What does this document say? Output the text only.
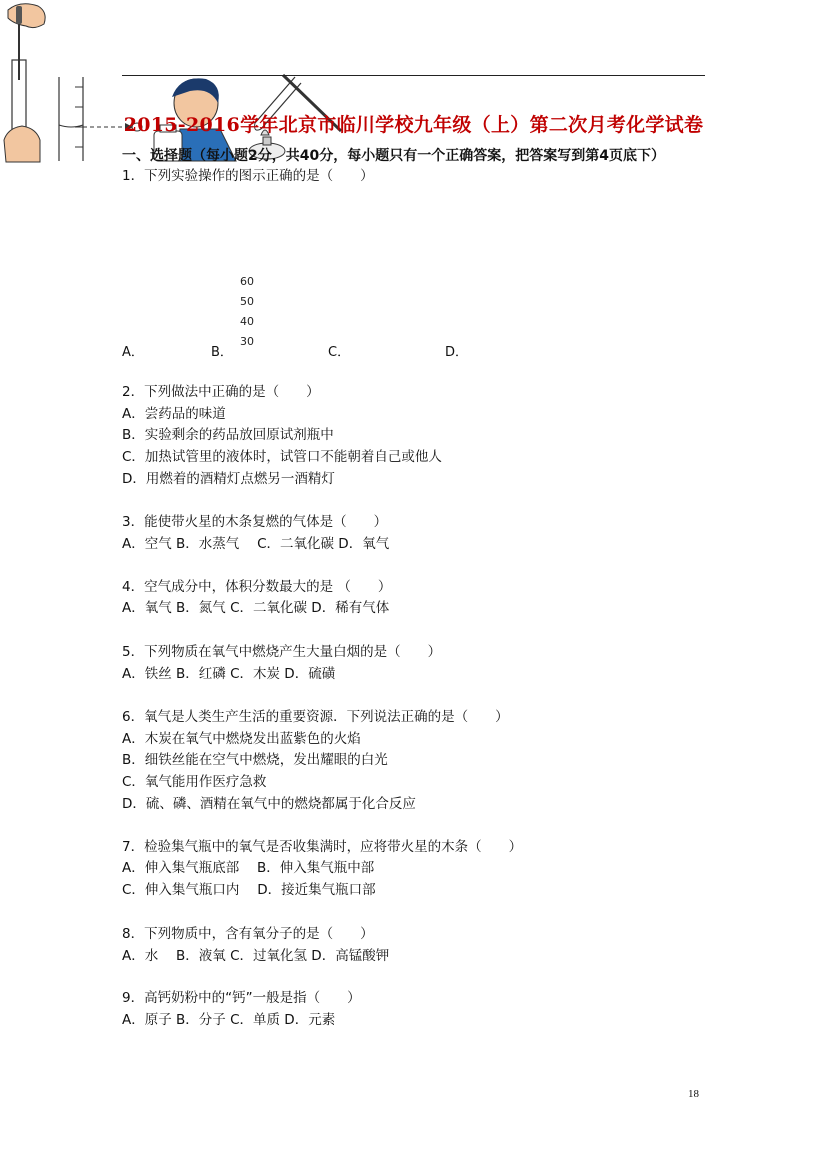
2015-2016学年北京市临川学校九年级（上）第二次月考化学试卷
一、选择题（每小题2分，共40分，每小题只有一个正确答案，把答案写到第4页底下）
1．下列实验操作的图示正确的是（　　）

A．

60
50
40
30
B．
	C．	D．
2．下列做法中正确的是（　　）
A．尝药品的味道
B．实验剩余的药品放回原试剂瓶中
C．加热试管里的液体时，试管口不能朝着自己或他人
D．用燃着的酒精灯点燃另一酒精灯
3．能使带火星的木条复燃的气体是（　　）
A．空气 B．水蒸气　 C．二氧化碳 D．氧气
4．空气成分中，体积分数最大的是 （　　）
A．氧气 B．氮气 C．二氧化碳 D．稀有气体
5．下列物质在氧气中燃烧产生大量白烟的是（　　）
A．铁丝 B．红磷 C．木炭 D．硫磺
6．氧气是人类生产生活的重要资源．下列说法正确的是（　　）
A．木炭在氧气中燃烧发出蓝紫色的火焰
B．细铁丝能在空气中燃烧，发出耀眼的白光
C．氧气能用作医疗急救
D．硫、磷、酒精在氧气中的燃烧都属于化合反应
7．检验集气瓶中的氧气是否收集满时，应将带火星的木条（　　）
A．伸入集气瓶底部　 B．伸入集气瓶中部
C．伸入集气瓶口内　 D．接近集气瓶口部
8．下列物质中，含有氧分子的是（　　）
A．水　 B．液氧 C．过氧化氢 D．高锰酸钾
9．高钙奶粉中的“钙”一般是指（　　）
A．原子 B．分子 C．单质 D．元素
18
